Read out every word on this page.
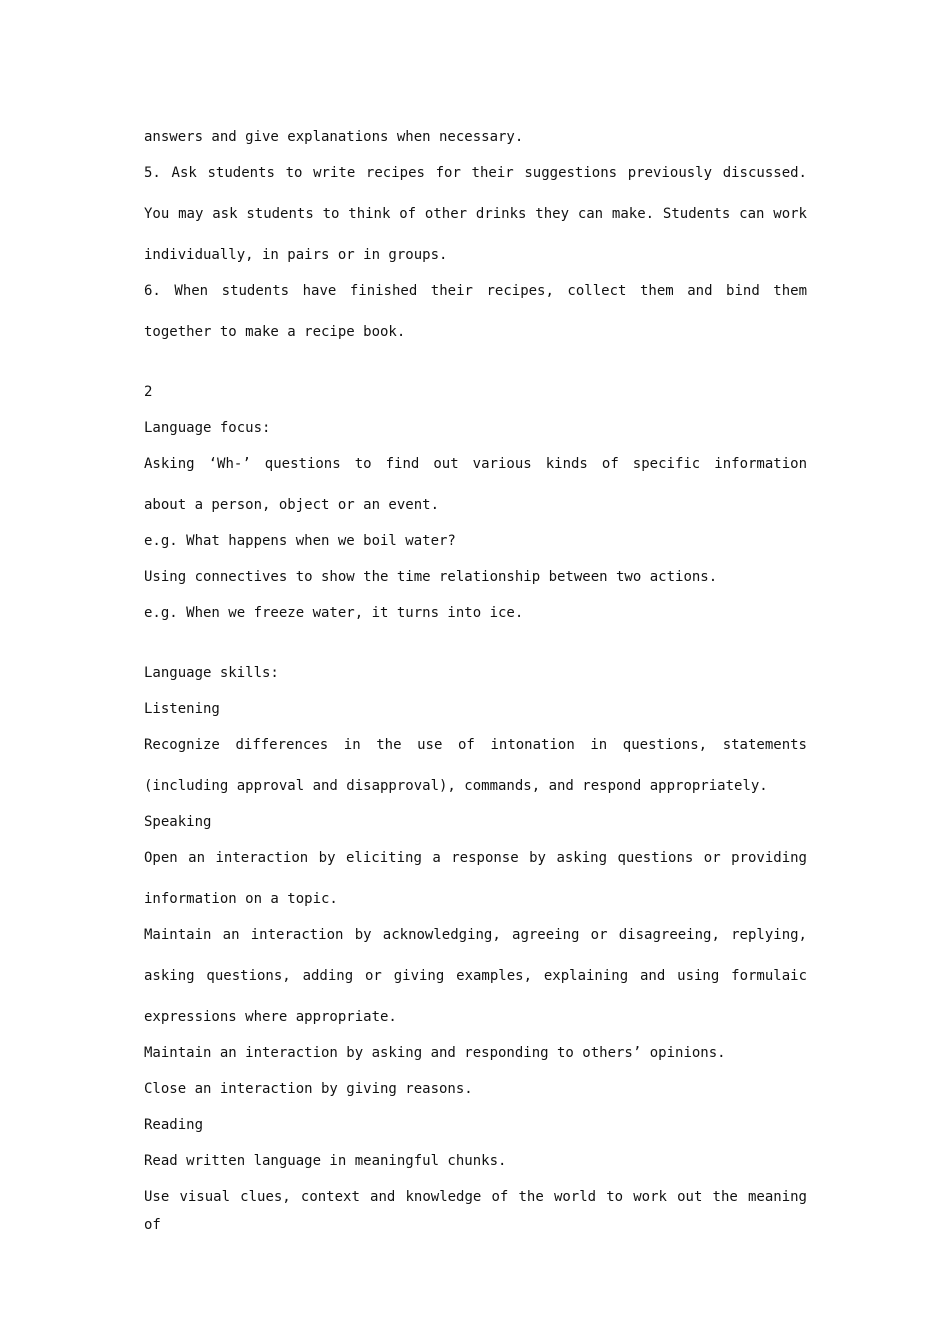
answers and give explanations when necessary.
5. Ask students to write recipes for their suggestions previously discussed.
You may ask students to think of other drinks they can make. Students can work
individually, in pairs or in groups.
6. When students have finished their recipes, collect them and bind them
together to make a recipe book.
2
Language focus:
Asking ‘Wh-’ questions to find out various kinds of specific information
about a person, object or an event.
e.g. What happens when we boil water?
Using connectives to show the time relationship between two actions.
e.g. When we freeze water, it turns into ice.
Language skills:
Listening
Recognize differences in the use of intonation in questions, statements
(including approval and disapproval), commands, and respond appropriately.
Speaking
Open an interaction by eliciting a response by asking questions or providing
information on a topic.
Maintain an interaction by acknowledging, agreeing or disagreeing, replying,
asking questions, adding or giving examples, explaining and using formulaic
expressions where appropriate.
Maintain an interaction by asking and responding to others’ opinions.
Close an interaction by giving reasons.
Reading
Read written language in meaningful chunks.
Use visual clues, context and knowledge of the world to work out the meaning of
